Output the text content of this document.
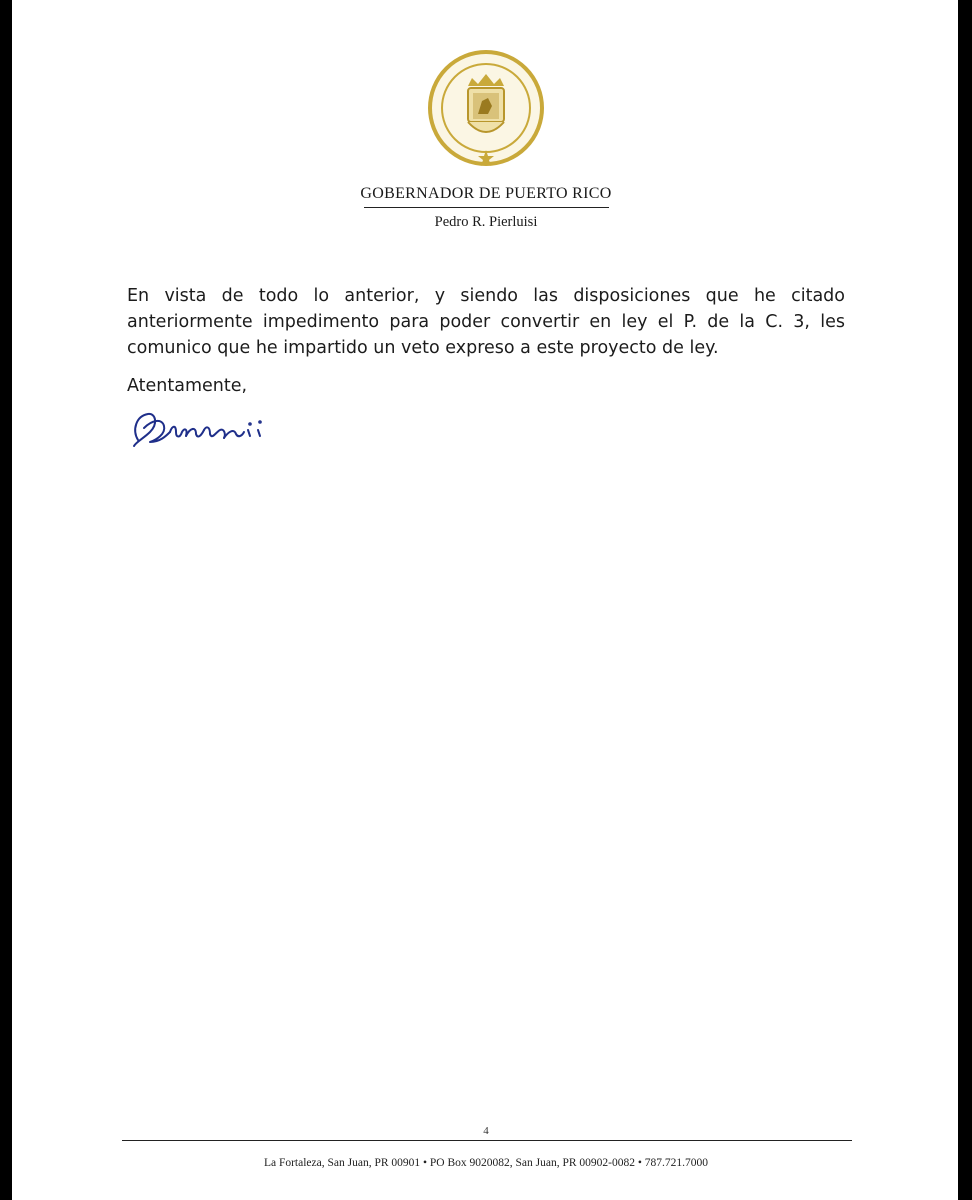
GOBERNADOR DE PUERTO RICO
Pedro R. Pierluisi

En vista de todo lo anterior, y siendo las disposiciones que he citado anteriormente impedimento para poder convertir en ley el P. de la C. 3, les comunico que he impartido un veto expreso a este proyecto de ley.

Atentamente,

4
La Fortaleza, San Juan, PR 00901 • PO Box 9020082, San Juan, PR 00902-0082 • 787.721.7000
